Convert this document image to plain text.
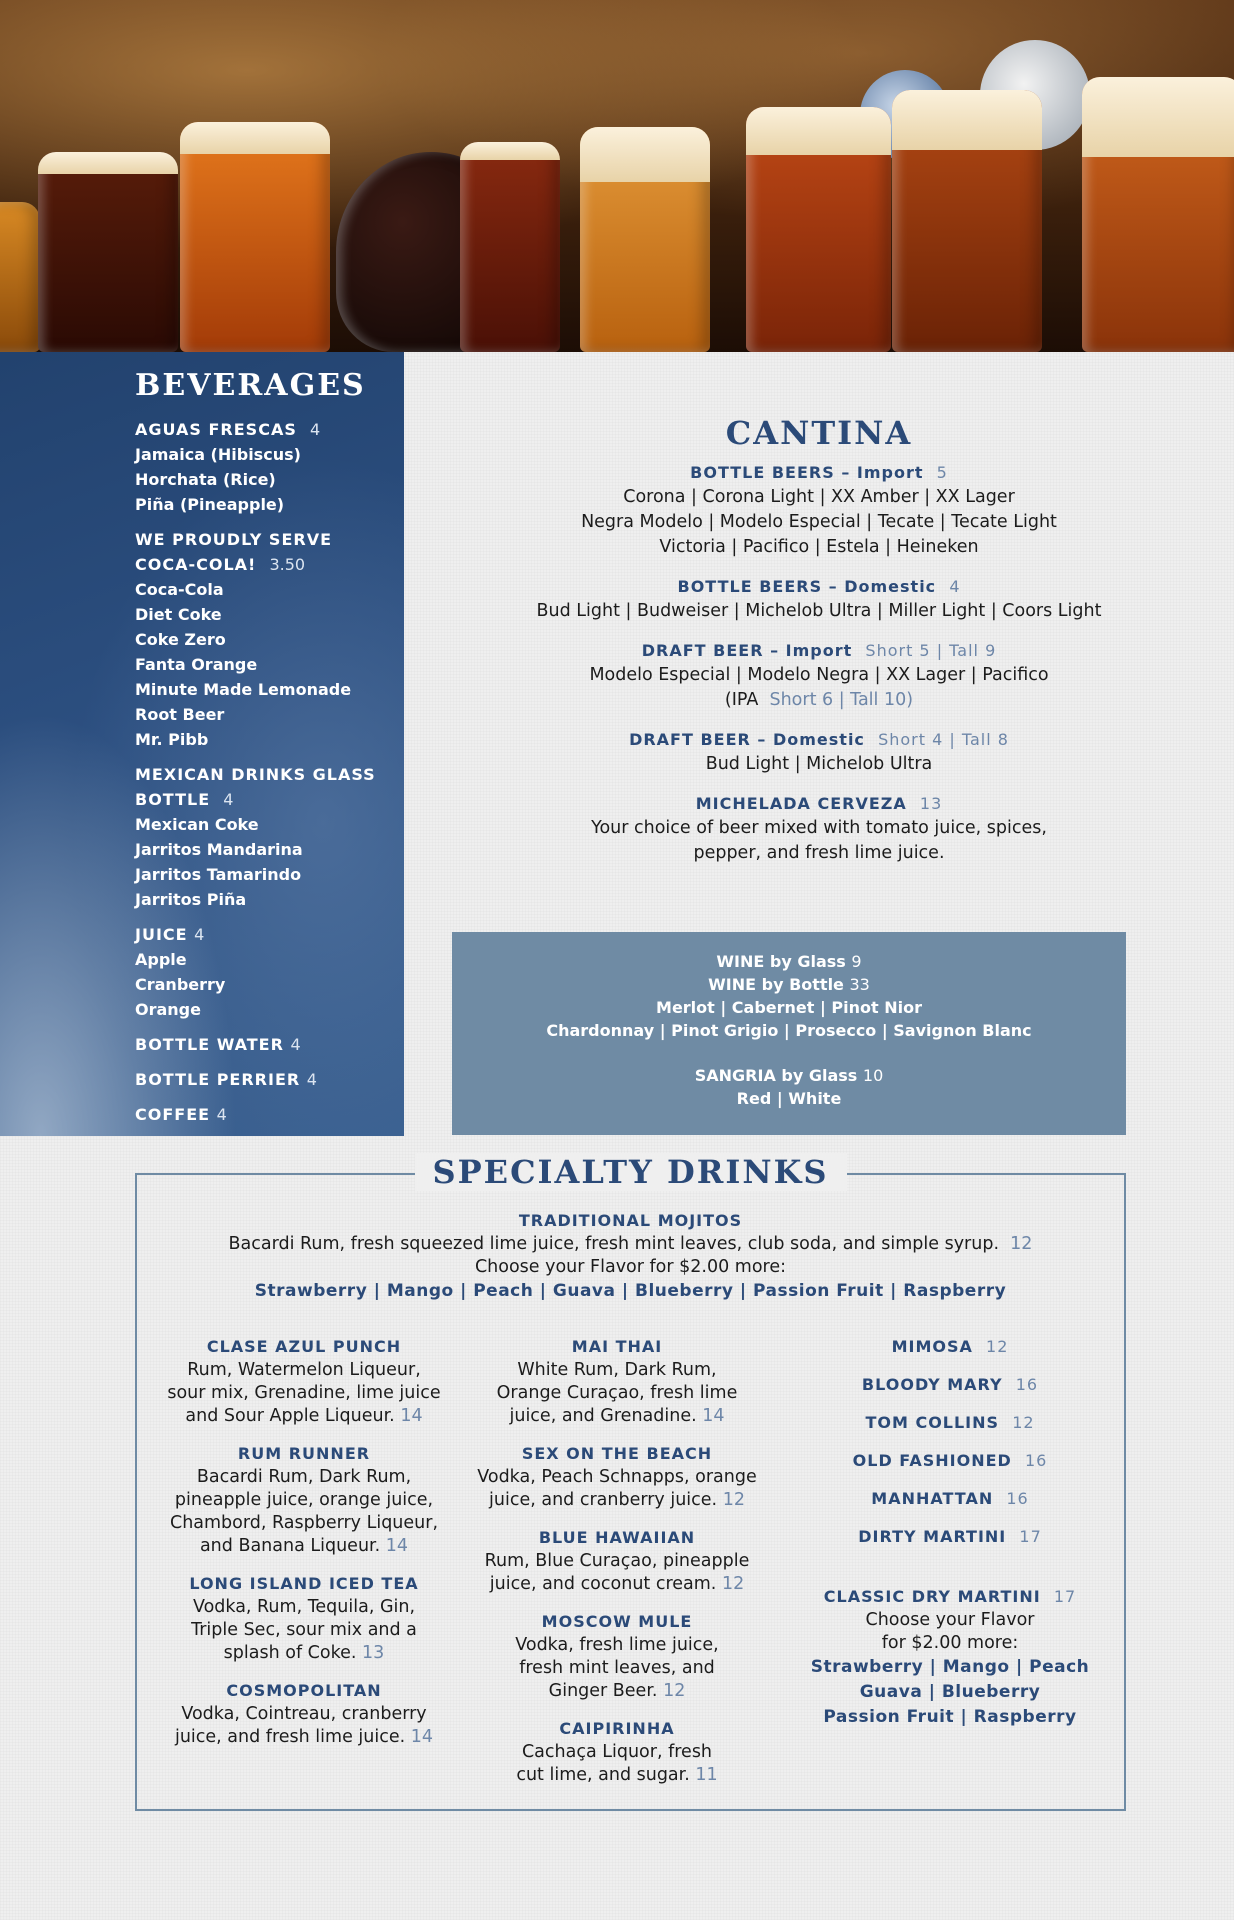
BEVERAGES
AGUAS FRESCAS 4
Jamaica (Hibiscus)
Horchata (Rice)
Piña (Pineapple)
WE PROUDLY SERVE
COCA-COLA! 3.50
Coca-Cola
Diet Coke
Coke Zero
Fanta Orange
Minute Made Lemonade
Root Beer
Mr. Pibb
MEXICAN DRINKS GLASS
BOTTLE 4
Mexican Coke
Jarritos Mandarina
Jarritos Tamarindo
Jarritos Piña
JUICE 4
Apple
Cranberry
Orange
BOTTLE WATER 4
BOTTLE PERRIER 4
COFFEE 4
CANTINA
BOTTLE BEERS – Import 5
Corona | Corona Light | XX Amber | XX Lager
Negra Modelo | Modelo Especial | Tecate | Tecate Light
Victoria | Pacifico | Estela | Heineken
BOTTLE BEERS – Domestic 4
Bud Light | Budweiser | Michelob Ultra | Miller Light | Coors Light
DRAFT BEER – Import Short 5 | Tall 9
Modelo Especial | Modelo Negra | XX Lager | Pacifico
(IPA Short 6 | Tall 10)
DRAFT BEER – Domestic Short 4 | Tall 8
Bud Light | Michelob Ultra
MICHELADA CERVEZA 13
Your choice of beer mixed with tomato juice, spices,
pepper, and fresh lime juice.
WINE by Glass 9
WINE by Bottle 33
Merlot | Cabernet | Pinot Nior
Chardonnay | Pinot Grigio | Prosecco | Savignon Blanc
SANGRIA by Glass 10
Red | White
SPECIALTY DRINKS
TRADITIONAL MOJITOS
Bacardi Rum, fresh squeezed lime juice, fresh mint leaves, club soda, and simple syrup. 12
Choose your Flavor for $2.00 more:
Strawberry | Mango | Peach | Guava | Blueberry | Passion Fruit | Raspberry
CLASE AZUL PUNCH
Rum, Watermelon Liqueur,
sour mix, Grenadine, lime juice
and Sour Apple Liqueur. 14
RUM RUNNER
Bacardi Rum, Dark Rum,
pineapple juice, orange juice,
Chambord, Raspberry Liqueur,
and Banana Liqueur. 14
LONG ISLAND ICED TEA
Vodka, Rum, Tequila, Gin,
Triple Sec, sour mix and a
splash of Coke. 13
COSMOPOLITAN
Vodka, Cointreau, cranberry
juice, and fresh lime juice. 14
MAI THAI
White Rum, Dark Rum,
Orange Curaçao, fresh lime
juice, and Grenadine. 14
SEX ON THE BEACH
Vodka, Peach Schnapps, orange
juice, and cranberry juice. 12
BLUE HAWAIIAN
Rum, Blue Curaçao, pineapple
juice, and coconut cream. 12
MOSCOW MULE
Vodka, fresh lime juice,
fresh mint leaves, and
Ginger Beer. 12
CAIPIRINHA
Cachaça Liquor, fresh
cut lime, and sugar. 11
MIMOSA 12
BLOODY MARY 16
TOM COLLINS 12
OLD FASHIONED 16
MANHATTAN 16
DIRTY MARTINI 17
CLASSIC DRY MARTINI 17
Choose your Flavor
for $2.00 more:
Strawberry | Mango | Peach
Guava | Blueberry
Passion Fruit | Raspberry
